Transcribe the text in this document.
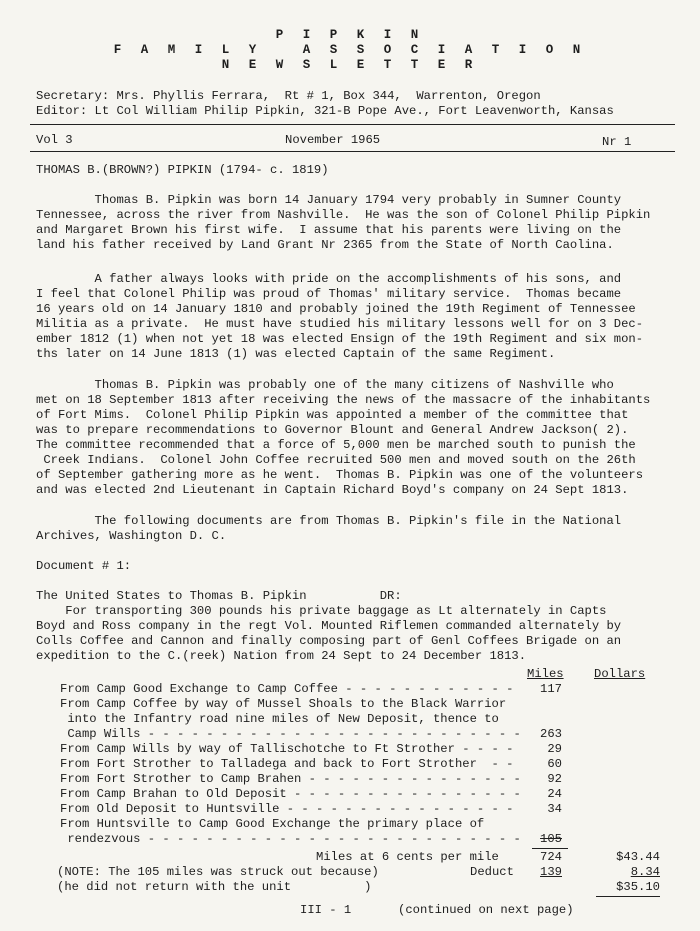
P I P K I N
F A M I L Y   A S S O C I A T I O N
N E W S L E T T E R
Secretary: Mrs. Phyllis Ferrara,  Rt # 1, Box 344,  Warrenton, Oregon
Editor: Lt Col William Philip Pipkin, 321-B Pope Ave., Fort Leavenworth, Kansas
Vol 3	November 1965	Nr 1
THOMAS B.(BROWN?) PIPKIN (1794- c. 1819)
Thomas B. Pipkin was born 14 January 1794 very probably in Sumner County
Tennessee, across the river from Nashville.  He was the son of Colonel Philip Pipkin
and Margaret Brown his first wife.  I assume that his parents were living on the
land his father received by Land Grant Nr 2365 from the State of North Caolina.
A father always looks with pride on the accomplishments of his sons, and
I feel that Colonel Philip was proud of Thomas' military service.  Thomas became
16 years old on 14 January 1810 and probably joined the 19th Regiment of Tennessee
Militia as a private.  He must have studied his military lessons well for on 3 Dec-
ember 1812 (1) when not yet 18 was elected Ensign of the 19th Regiment and six mon-
ths later on 14 June 1813 (1) was elected Captain of the same Regiment.
Thomas B. Pipkin was probably one of the many citizens of Nashville who
met on 18 September 1813 after receiving the news of the massacre of the inhabitants
of Fort Mims.  Colonel Philip Pipkin was appointed a member of the committee that
was to prepare recommendations to Governor Blount and General Andrew Jackson( 2).
The committee recommended that a force of 5,000 men be marched south to punish the
Creek Indians.  Colonel John Coffee recruited 500 men and moved south on the 26th
of September gathering more as he went.  Thomas B. Pipkin was one of the volunteers
and was elected 2nd Lieutenant in Captain Richard Boyd's company on 24 Sept 1813.
The following documents are from Thomas B. Pipkin's file in the National
Archives, Washington D. C.
Document # 1:
The United States to Thomas B. Pipkin          DR:
For transporting 300 pounds his private baggage as Lt alternately in Capts
Boyd and Ross company in the regt Vol. Mounted Riflemen commanded alternately by
Colls Coffee and Cannon and finally composing part of Genl Coffees Brigade on an
expedition to the C.(reek) Nation from 24 Sept to 24 December 1813.
Miles Dollars
From Camp Good Exchange to Camp Coffee - - - - - - - - - - - -	117
From Camp Coffee by way of Mussel Shoals to the Black Warrior
into the Infantry road nine miles of New Deposit, thence to
Camp Wills - - - - - - - - - - - - - - - - - - - - - - - - - -	263
From Camp Wills by way of Tallischotche to Ft Strother - - - -	29
From Fort Strother to Talladega and back to Fort Strother  - -	60
From Fort Strother to Camp Brahen - - - - - - - - - - - - - - -	92
From Camp Brahan to Old Deposit - - - - - - - - - - - - - - - -	24
From Old Deposit to Huntsville - - - - - - - - - - - - - - - -	34
From Huntsville to Camp Good Exchange the primary place of
rendezvous - - - - - - - - - - - - - - - - - - - - - - - - - -	105
Miles at 6 cents per mile	724	$43.44
(NOTE: The 105 miles was struck out because)	Deduct	139	8.34
(he did not return with the unit          )	$35.10
III - 1	(continued on next page)
